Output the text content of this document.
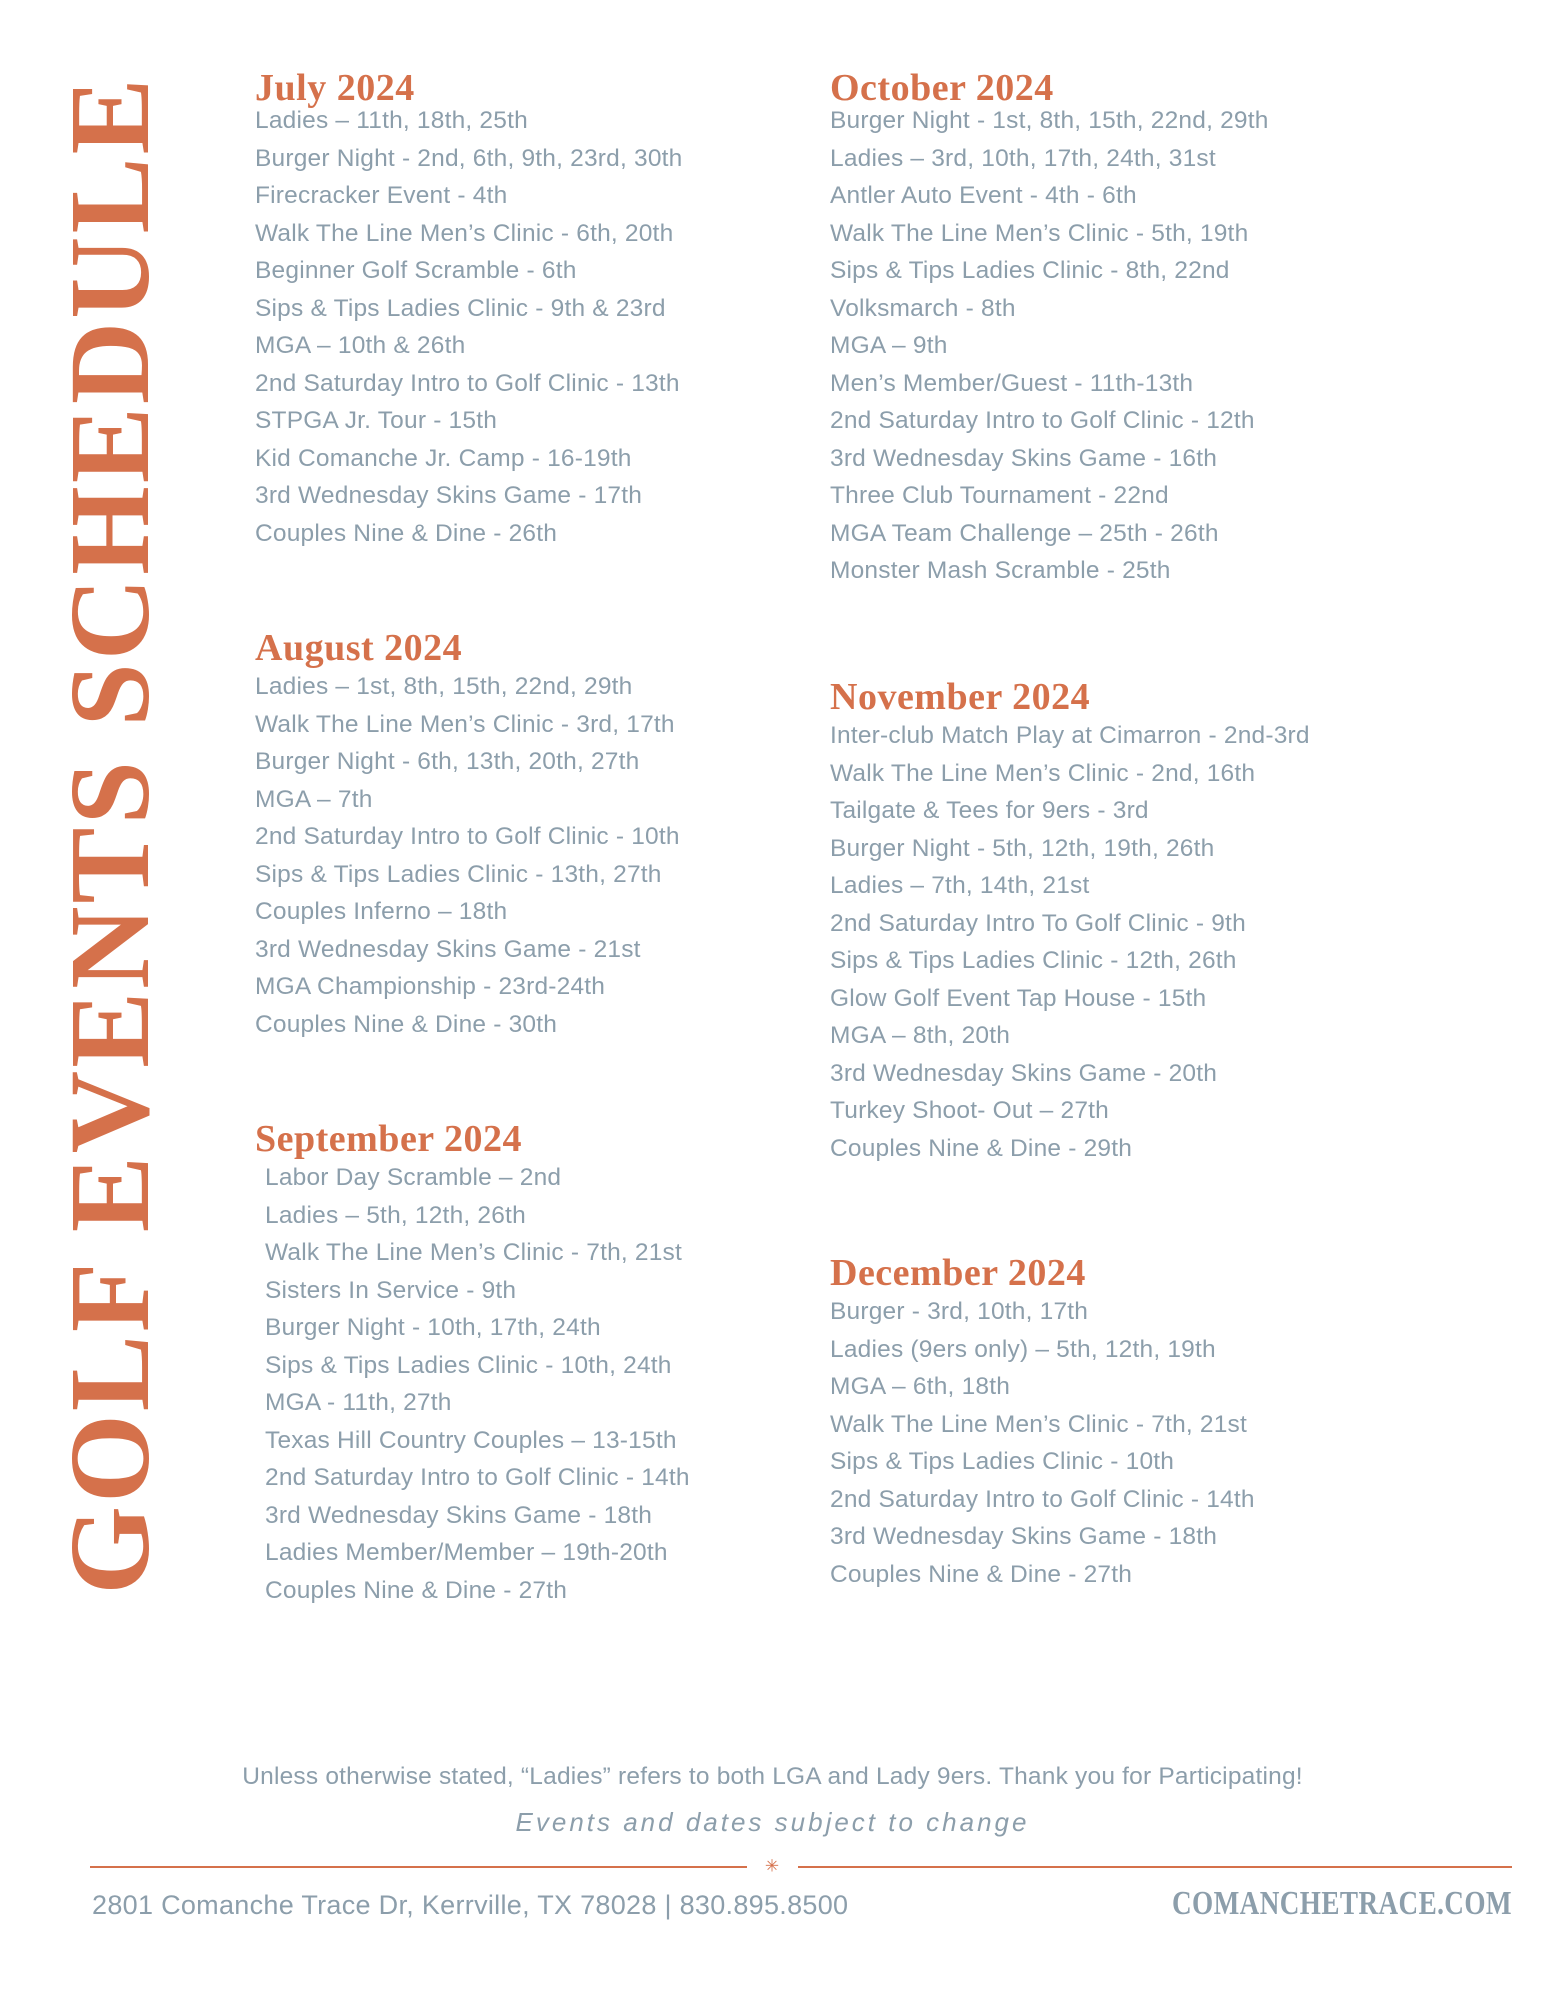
GOLF EVENTS SCHEDULE July 2024
Ladies – 11th, 18th, 25th
Burger Night - 2nd, 6th, 9th, 23rd, 30th
Firecracker Event - 4th
Walk The Line Men’s Clinic - 6th, 20th
Beginner Golf Scramble - 6th
Sips & Tips Ladies Clinic - 9th & 23rd
MGA – 10th & 26th
2nd Saturday Intro to Golf Clinic - 13th
STPGA Jr. Tour - 15th
Kid Comanche Jr. Camp - 16-19th
3rd Wednesday Skins Game - 17th
Couples Nine & Dine - 26th
August 2024
Ladies – 1st, 8th, 15th, 22nd, 29th
Walk The Line Men’s Clinic - 3rd, 17th
Burger Night - 6th, 13th, 20th, 27th
MGA – 7th
2nd Saturday Intro to Golf Clinic - 10th
Sips & Tips Ladies Clinic - 13th, 27th
Couples Inferno – 18th
3rd Wednesday Skins Game - 21st
MGA Championship - 23rd-24th
Couples Nine & Dine - 30th
September 2024
Labor Day Scramble – 2nd
Ladies – 5th, 12th, 26th
Walk The Line Men’s Clinic - 7th, 21st
Sisters In Service - 9th
Burger Night - 10th, 17th, 24th
Sips & Tips Ladies Clinic - 10th, 24th
MGA - 11th, 27th
Texas Hill Country Couples – 13-15th
2nd Saturday Intro to Golf Clinic - 14th
3rd Wednesday Skins Game - 18th
Ladies Member/Member – 19th-20th
Couples Nine & Dine - 27th
October 2024
Burger Night - 1st, 8th, 15th, 22nd, 29th
Ladies – 3rd, 10th, 17th, 24th, 31st
Antler Auto Event - 4th - 6th
Walk The Line Men’s Clinic - 5th, 19th
Sips & Tips Ladies Clinic - 8th, 22nd
Volksmarch - 8th
MGA – 9th
Men’s Member/Guest - 11th-13th
2nd Saturday Intro to Golf Clinic - 12th
3rd Wednesday Skins Game - 16th
Three Club Tournament - 22nd
MGA Team Challenge – 25th - 26th
Monster Mash Scramble - 25th
November 2024
Inter-club Match Play at Cimarron - 2nd-3rd
Walk The Line Men’s Clinic - 2nd, 16th
Tailgate & Tees for 9ers - 3rd
Burger Night - 5th, 12th, 19th, 26th
Ladies – 7th, 14th, 21st
2nd Saturday Intro To Golf Clinic - 9th
Sips & Tips Ladies Clinic - 12th, 26th
Glow Golf Event Tap House - 15th
MGA – 8th, 20th
3rd Wednesday Skins Game - 20th
Turkey Shoot- Out – 27th
Couples Nine & Dine - 29th
December 2024
Burger - 3rd, 10th, 17th
Ladies (9ers only) – 5th, 12th, 19th
MGA – 6th, 18th
Walk The Line Men’s Clinic - 7th, 21st
Sips & Tips Ladies Clinic - 10th
2nd Saturday Intro to Golf Clinic - 14th
3rd Wednesday Skins Game - 18th
Couples Nine & Dine - 27th
Unless otherwise stated, “Ladies” refers to both LGA and Lady 9ers. Thank you for Participating!
Events and dates subject to change
✳
2801 Comanche Trace Dr, Kerrville, TX 78028 | 830.895.8500	COMANCHETRACE.COM
